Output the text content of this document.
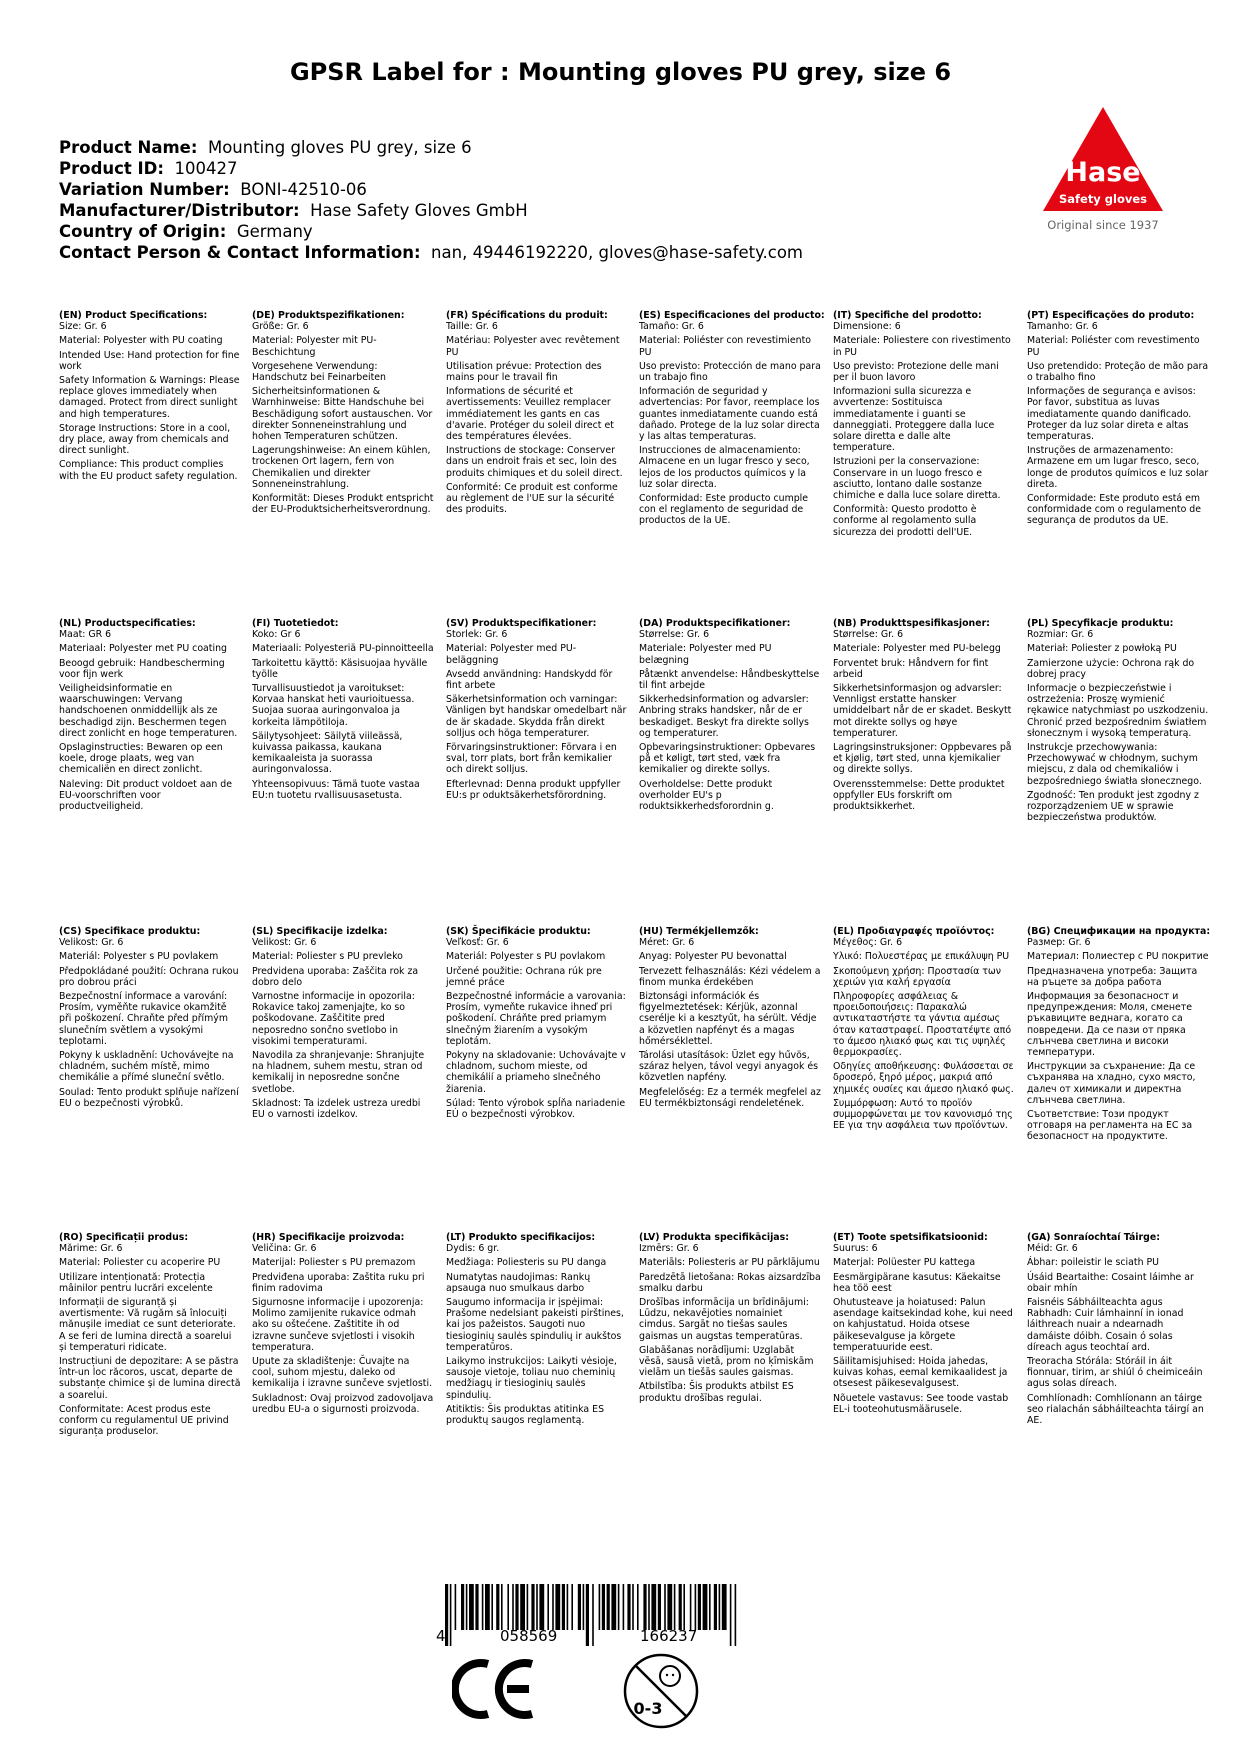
GPSR Label for : Mounting gloves PU grey, size 6
Product Name: Mounting gloves PU grey, size 6
Product ID: 100427
Variation Number: BONI-42510-06
Manufacturer/Distributor: Hase Safety Gloves GmbH
Country of Origin: Germany
Contact Person & Contact Information: nan, 49446192220, gloves@hase-safety.com
Hase
Safety gloves
Original since 1937
(EN) Product Specifications:
Size: Gr. 6
Material: Polyester with PU coating
Intended Use: Hand protection for fine work
Safety Information & Warnings: Please replace gloves immediately when damaged. Protect from direct sunlight and high temperatures.
Storage Instructions: Store in a cool, dry place, away from chemicals and direct sunlight.
Compliance: This product complies with the EU product safety regulation.
(DE) Produktspezifikationen:
Größe: Gr. 6
Material: Polyester mit PU-Beschichtung
Vorgesehene Verwendung: Handschutz bei Feinarbeiten
Sicherheitsinformationen & Warnhinweise: Bitte Handschuhe bei Beschädigung sofort austauschen. Vor direkter Sonneneinstrahlung und hohen Temperaturen schützen.
Lagerungshinweise: An einem kühlen, trockenen Ort lagern, fern von Chemikalien und direkter Sonneneinstrahlung.
Konformität: Dieses Produkt entspricht der EU-Produktsicherheitsverordnung.
(FR) Spécifications du produit:
Taille: Gr. 6
Matériau: Polyester avec revêtement PU
Utilisation prévue: Protection des mains pour le travail fin
Informations de sécurité et avertissements: Veuillez remplacer immédiatement les gants en cas d'avarie. Protéger du soleil direct et des températures élevées.
Instructions de stockage: Conserver dans un endroit frais et sec, loin des produits chimiques et du soleil direct.
Conformité: Ce produit est conforme au règlement de l'UE sur la sécurité des produits.
(ES) Especificaciones del producto:
Tamaño: Gr. 6
Material: Poliéster con revestimiento PU
Uso previsto: Protección de mano para un trabajo fino
Información de seguridad y advertencias: Por favor, reemplace los guantes inmediatamente cuando está dañado. Protege de la luz solar directa y las altas temperaturas.
Instrucciones de almacenamiento: Almacene en un lugar fresco y seco, lejos de los productos químicos y la luz solar directa.
Conformidad: Este producto cumple con el reglamento de seguridad de productos de la UE.
(IT) Specifiche del prodotto:
Dimensione: 6
Materiale: Poliestere con rivestimento in PU
Uso previsto: Protezione delle mani per il buon lavoro
Informazioni sulla sicurezza e avvertenze: Sostituisca immediatamente i guanti se danneggiati. Proteggere dalla luce solare diretta e dalle alte temperature.
Istruzioni per la conservazione: Conservare in un luogo fresco e asciutto, lontano dalle sostanze chimiche e dalla luce solare diretta.
Conformità: Questo prodotto è conforme al regolamento sulla sicurezza dei prodotti dell'UE.
(PT) Especificações do produto:
Tamanho: Gr. 6
Material: Poliéster com revestimento PU
Uso pretendido: Proteção de mão para o trabalho fino
Informações de segurança e avisos: Por favor, substitua as luvas imediatamente quando danificado. Proteger da luz solar direta e altas temperaturas.
Instruções de armazenamento: Armazene em um lugar fresco, seco, longe de produtos químicos e luz solar direta.
Conformidade: Este produto está em conformidade com o regulamento de segurança de produtos da UE.
(NL) Productspecificaties:
Maat: GR 6
Materiaal: Polyester met PU coating
Beoogd gebruik: Handbescherming voor fijn werk
Veiligheidsinformatie en waarschuwingen: Vervang handschoenen onmiddellijk als ze beschadigd zijn. Beschermen tegen direct zonlicht en hoge temperaturen.
Opslaginstructies: Bewaren op een koele, droge plaats, weg van chemicaliën en direct zonlicht.
Naleving: Dit product voldoet aan de EU-voorschriften voor productveiligheid.
(FI) Tuotetiedot:
Koko: Gr 6
Materiaali: Polyesteriä PU-pinnoitteella
Tarkoitettu käyttö: Käsisuojaa hyvälle työlle
Turvallisuustiedot ja varoitukset: Korvaa hanskat heti vaurioituessa. Suojaa suoraa auringonvaloa ja korkeita lämpötiloja.
Säilytysohjeet: Säilytä viileässä, kuivassa paikassa, kaukana kemikaaleista ja suorassa auringonvalossa.
Yhteensopivuus: Tämä tuote vastaa EU:n tuotetu rvallisuusasetusta.
(SV) Produktspecifikationer:
Storlek: Gr. 6
Material: Polyester med PU-beläggning
Avsedd användning: Handskydd för fint arbete
Säkerhetsinformation och varningar: Vänligen byt handskar omedelbart när de är skadade. Skydda från direkt solljus och höga temperaturer.
Förvaringsinstruktioner: Förvara i en sval, torr plats, bort från kemikalier och direkt solljus.
Efterlevnad: Denna produkt uppfyller EU:s pr oduktsäkerhetsförordning.
(DA) Produktspecifikationer:
Størrelse: Gr. 6
Materiale: Polyester med PU belægning
Påtænkt anvendelse: Håndbeskyttelse til fint arbejde
Sikkerhedsinformation og advarsler: Anbring straks handsker, når de er beskadiget. Beskyt fra direkte sollys og temperaturer.
Opbevaringsinstruktioner: Opbevares på et køligt, tørt sted, væk fra kemikalier og direkte sollys.
Overholdelse: Dette produkt overholder EU's p roduktsikkerhedsforordnin g.
(NB) Produkttspesifikasjoner:
Størrelse: Gr. 6
Materiale: Polyester med PU-belegg
Forventet bruk: Håndvern for fint arbeid
Sikkerhetsinformasjon og advarsler: Vennligst erstatte hansker umiddelbart når de er skadet. Beskytt mot direkte sollys og høye temperaturer.
Lagringsinstruksjoner: Oppbevares på et kjølig, tørt sted, unna kjemikalier og direkte sollys.
Overensstemmelse: Dette produktet oppfyller EUs forskrift om produktsikkerhet.
(PL) Specyfikacje produktu:
Rozmiar: Gr. 6
Materiał: Poliester z powłoką PU
Zamierzone użycie: Ochrona rąk do dobrej pracy
Informacje o bezpieczeństwie i ostrzeżenia: Proszę wymienić rękawice natychmiast po uszkodzeniu. Chronić przed bezpośrednim światłem słonecznym i wysoką temperaturą.
Instrukcje przechowywania: Przechowywać w chłodnym, suchym miejscu, z dala od chemikaliów i bezpośredniego światła słonecznego.
Zgodność: Ten produkt jest zgodny z rozporządzeniem UE w sprawie bezpieczeństwa produktów.
(CS) Specifikace produktu:
Velikost: Gr. 6
Materiál: Polyester s PU povlakem
Předpokládané použití: Ochrana rukou pro dobrou práci
Bezpečnostní informace a varování: Prosím, vyměňte rukavice okamžitě při poškození. Chraňte před přímým slunečním světlem a vysokými teplotami.
Pokyny k uskladnění: Uchovávejte na chladném, suchém místě, mimo chemikálie a přímé sluneční světlo.
Soulad: Tento produkt splňuje nařízení EU o bezpečnosti výrobků.
(SL) Specifikacije izdelka:
Velikost: Gr. 6
Material: Poliester s PU prevleko
Predvidena uporaba: Zaščita rok za dobro delo
Varnostne informacije in opozorila: Rokavice takoj zamenjajte, ko so poškodovane. Zaščitite pred neposredno sončno svetlobo in visokimi temperaturami.
Navodila za shranjevanje: Shranjujte na hladnem, suhem mestu, stran od kemikalij in neposredne sončne svetlobe.
Skladnost: Ta izdelek ustreza uredbi EU o varnosti izdelkov.
(SK) Špecifikácie produktu:
Veľkosť: Gr. 6
Materiál: Polyester s PU povlakom
Určené použitie: Ochrana rúk pre jemné práce
Bezpečnostné informácie a varovania: Prosím, vymeňte rukavice ihneď pri poškodení. Chráňte pred priamym slnečným žiarením a vysokým teplotám.
Pokyny na skladovanie: Uchovávajte v chladnom, suchom mieste, od chemikálií a priameho slnečného žiarenia.
Súlad: Tento výrobok spĺňa nariadenie EÚ o bezpečnosti výrobkov.
(HU) Termékjellemzők:
Méret: Gr. 6
Anyag: Polyester PU bevonattal
Tervezett felhasználás: Kézi védelem a finom munka érdekében
Biztonsági információk és figyelmeztetések: Kérjük, azonnal cserélje ki a kesztyűt, ha sérült. Védje a közvetlen napfényt és a magas hőmérséklettel.
Tárolási utasítások: Üzlet egy hűvös, száraz helyen, távol vegyi anyagok és közvetlen napfény.
Megfelelőség: Ez a termék megfelel az EU termékbiztonsági rendeletének.
(EL) Προδιαγραφές προϊόντος:
Μέγεθος: Gr. 6
Υλικό: Πολυεστέρας με επικάλυψη PU
Σκοπούμενη χρήση: Προστασία των χεριών για καλή εργασία
Πληροφορίες ασφάλειας & προειδοποιήσεις: Παρακαλώ αντικαταστήστε τα γάντια αμέσως όταν καταστραφεί. Προστατέψτε από το άμεσο ηλιακό φως και τις υψηλές θερμοκρασίες.
Οδηγίες αποθήκευσης: Φυλάσσεται σε δροσερό, ξηρό μέρος, μακριά από χημικές ουσίες και άμεσο ηλιακό φως.
Συμμόρφωση: Αυτό το προϊόν συμμορφώνεται με τον κανονισμό της ΕΕ για την ασφάλεια των προϊόντων.
(BG) Спецификации на продукта:
Размер: Gr. 6
Материал: Полиестер с PU покритие
Предназначена употреба: Защита на ръцете за добра работа
Информация за безопасност и предупреждения: Моля, сменете ръкавиците веднага, когато са повредени. Да се пази от пряка слънчева светлина и високи температури.
Инструкции за съхранение: Да се съхранява на хладно, сухо място, далеч от химикали и директна слънчева светлина.
Съответствие: Този продукт отговаря на регламента на ЕС за безопасност на продуктите.
(RO) Specificații produs:
Mărime: Gr. 6
Material: Poliester cu acoperire PU
Utilizare intenționată: Protecția mâinilor pentru lucrări excelente
Informații de siguranță și avertismente: Vă rugăm să înlocuiți mănușile imediat ce sunt deteriorate. A se feri de lumina directă a soarelui și temperaturi ridicate.
Instrucțiuni de depozitare: A se păstra într-un loc răcoros, uscat, departe de substanțe chimice și de lumina directă a soarelui.
Conformitate: Acest produs este conform cu regulamentul UE privind siguranța produselor.
(HR) Specifikacije proizvoda:
Veličina: Gr. 6
Materijal: Poliester s PU premazom
Predviđena uporaba: Zaštita ruku pri finim radovima
Sigurnosne informacije i upozorenja: Molimo zamijenite rukavice odmah ako su oštećene. Zaštitite ih od izravne sunčeve svjetlosti i visokih temperatura.
Upute za skladištenje: Čuvajte na cool, suhom mjestu, daleko od kemikalija i izravne sunčeve svjetlosti.
Sukladnost: Ovaj proizvod zadovoljava uredbu EU-a o sigurnosti proizvoda.
(LT) Produkto specifikacijos:
Dydis: 6 gr.
Medžiaga: Poliesteris su PU danga
Numatytas naudojimas: Rankų apsauga nuo smulkaus darbo
Saugumo informacija ir įspėjimai: Prašome nedelsiant pakeisti pirštines, kai jos pažeistos. Saugoti nuo tiesioginių saulės spindulių ir aukštos temperatūros.
Laikymo instrukcijos: Laikyti vėsioje, sausoje vietoje, toliau nuo cheminių medžiagų ir tiesioginių saulės spindulių.
Atitiktis: Šis produktas atitinka ES produktų saugos reglamentą.
(LV) Produkta specifikācijas:
Izmērs: Gr. 6
Materiāls: Poliesteris ar PU pārklājumu
Paredzētā lietošana: Rokas aizsardzība smalku darbu
Drošības informācija un brīdinājumi: Lūdzu, nekavējoties nomainiet cimdus. Sargāt no tiešas saules gaismas un augstas temperatūras.
Glabāšanas norādījumi: Uzglabāt vēsā, sausā vietā, prom no ķīmiskām vielām un tiešās saules gaismas.
Atbilstība: Šis produkts atbilst ES produktu drošības regulai.
(ET) Toote spetsifikatsioonid:
Suurus: 6
Materjal: Polüester PU kattega
Eesmärgipärane kasutus: Käekaitse hea töö eest
Ohutusteave ja hoiatused: Palun asendage kaitsekindad kohe, kui need on kahjustatud. Hoida otsese päikesevalguse ja kõrgete temperatuuride eest.
Säilitamisjuhised: Hoida jahedas, kuivas kohas, eemal kemikaalidest ja otsesest päikesevalgusest.
Nõuetele vastavus: See toode vastab EL-i tooteohutusmäärusele.
(GA) Sonraíochtaí Táirge:
Méid: Gr. 6
Ábhar: poileistir le sciath PU
Úsáid Beartaithe: Cosaint láimhe ar obair mhín
Faisnéis Sábháilteachta agus Rabhadh: Cuir lámhainní in ionad láithreach nuair a ndearnadh damáiste dóibh. Cosain ó solas díreach agus teochtaí ard.
Treoracha Stórála: Stóráil in áit fionnuar, tirim, ar shiúl ó cheimiceáin agus solas díreach.
Comhlíonadh: Comhlíonann an táirge seo rialachán sábháilteachta táirgí an AE.
4	058569	166237
CE
0-3
